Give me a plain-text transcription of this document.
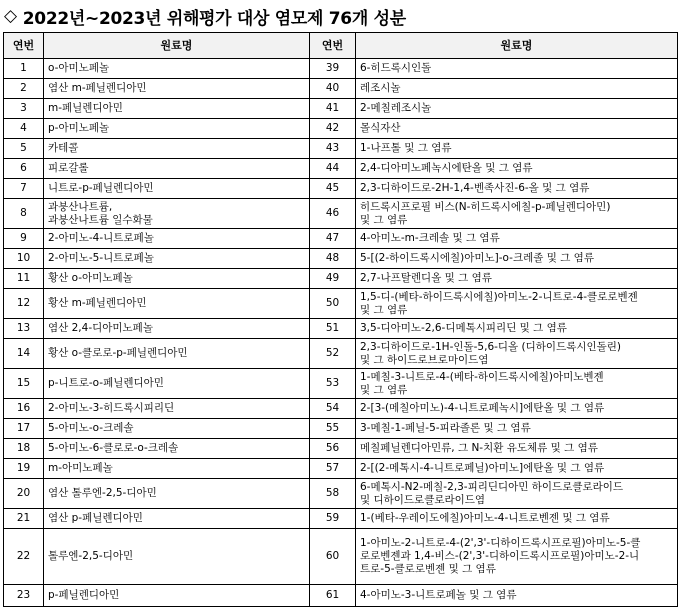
◇ 2022년~2023년 위해평가 대상 염모제 76개 성분
연번	원료명	연번	원료명
1	o-아미노페놀	39	6-히드록시인돌
2	염산 m-페닐렌디아민	40	레조시놀
3	m-페닐렌디아민	41	2-메칠레조시놀
4	p-아미노페놀	42	몰식자산
5	카테콜	43	1-나프톨 및 그 염류
6	피로갈롤	44	2,4-디아미노페녹시에탄올 및 그 염류
7	니트로-p-페닐렌디아민	45	2,3-디하이드로-2H-1,4-벤족사진-6-올 및 그 염류
8	과붕산나트륨,
과붕산나트륨 일수화물	46	히드록시프로필 비스(N-히드록시에칠-p-페닐렌디아민)
및 그 염류
9	2-아미노-4-니트로페놀	47	4-아미노-m-크레솔 및 그 염류
10	2-아미노-5-니트로페놀	48	5-[(2-하이드록시에칠)아미노]-o-크레졸 및 그 염류
11	황산 o-아미노페놀	49	2,7-나프탈렌디올 및 그 염류
12	황산 m-페닐렌디아민	50	1,5-디-(베타-하이드록시에칠)아미노-2-니트로-4-클로로벤젠
및 그 염류
13	염산 2,4-디아미노페놀	51	3,5-디아미노-2,6-디메톡시피리딘 및 그 염류
14	황산 o-클로로-p-페닐렌디아민	52	2,3-디하이드로-1H-인돌-5,6-디올 (디하이드록시인돌린)
및 그 하이드로브로마이드염
15	p-니트로-o-페닐렌디아민	53	1-메칠-3-니트로-4-(베타-하이드록시에칠)아미노벤젠
및 그 염류
16	2-아미노-3-히드록시피리딘	54	2-[3-(메칠아미노)-4-니트로페녹시]에탄올 및 그 염류
17	5-아미노-o-크레솔	55	3-메칠-1-페닐-5-피라졸론 및 그 염류
18	5-아미노-6-클로로-o-크레솔	56	메칠페닐렌디아민류, 그 N-치환 유도체류 및 그 염류
19	m-아미노페놀	57	2-[(2-메톡시-4-니트로페닐)아미노]에탄올 및 그 염류
20	염산 톨루엔-2,5-디아민	58	6-메톡시-N2-메칠-2,3-피리딘디아민 하이드로클로라이드
및 디하이드로클로라이드염
21	염산 p-페닐렌디아민	59	1-(베타-우레이도에칠)아미노-4-니트로벤젠 및 그 염류
22	톨루엔-2,5-디아민	60	1-아미노-2-니트로-4-(2',3'-디하이드록시프로필)아미노-5-클
로로벤젠과 1,4-비스-(2',3'-디하이드록시프로필)아미노-2-니
트로-5-클로로벤젠 및 그 염류
23	p-페닐렌디아민	61	4-아미노-3-니트로페놀 및 그 염류
